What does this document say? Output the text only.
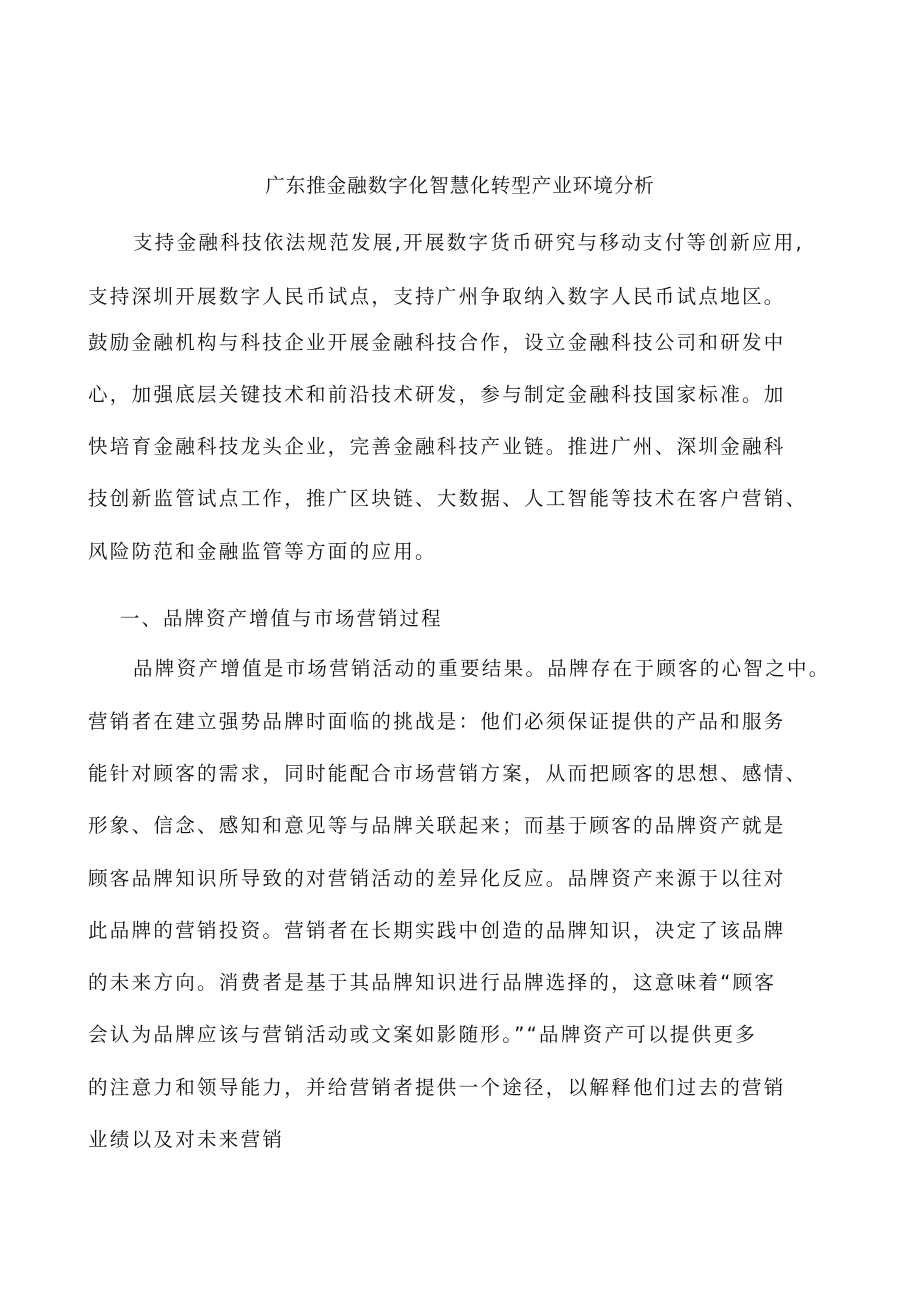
广东推金融数字化智慧化转型产业环境分析
支持金融科技依法规范发展,开展数字货币研究与移动支付等创新应用,
支持深圳开展数字人民币试点，支持广州争取纳入数字人民币试点地区。
鼓励金融机构与科技企业开展金融科技合作，设立金融科技公司和研发中
心，加强底层关键技术和前沿技术研发，参与制定金融科技国家标准。加
快培育金融科技龙头企业，完善金融科技产业链。推进广州、深圳金融科
技创新监管试点工作，推广区块链、大数据、人工智能等技术在客户营销、
风险防范和金融监管等方面的应用。
一、品牌资产增值与市场营销过程
品牌资产增值是市场营销活动的重要结果。品牌存在于顾客的心智之中。
营销者在建立强势品牌时面临的挑战是：他们必须保证提供的产品和服务
能针对顾客的需求，同时能配合市场营销方案，从而把顾客的思想、感情、
形象、信念、感知和意见等与品牌关联起来；而基于顾客的品牌资产就是
顾客品牌知识所导致的对营销活动的差异化反应。品牌资产来源于以往对
此品牌的营销投资。营销者在长期实践中创造的品牌知识，决定了该品牌
的未来方向。消费者是基于其品牌知识进行品牌选择的，这意味着“顾客
会认为品牌应该与营销活动或文案如影随形。”“品牌资产可以提供更多
的注意力和领导能力，并给营销者提供一个途径，以解释他们过去的营销
业绩以及对未来营销
